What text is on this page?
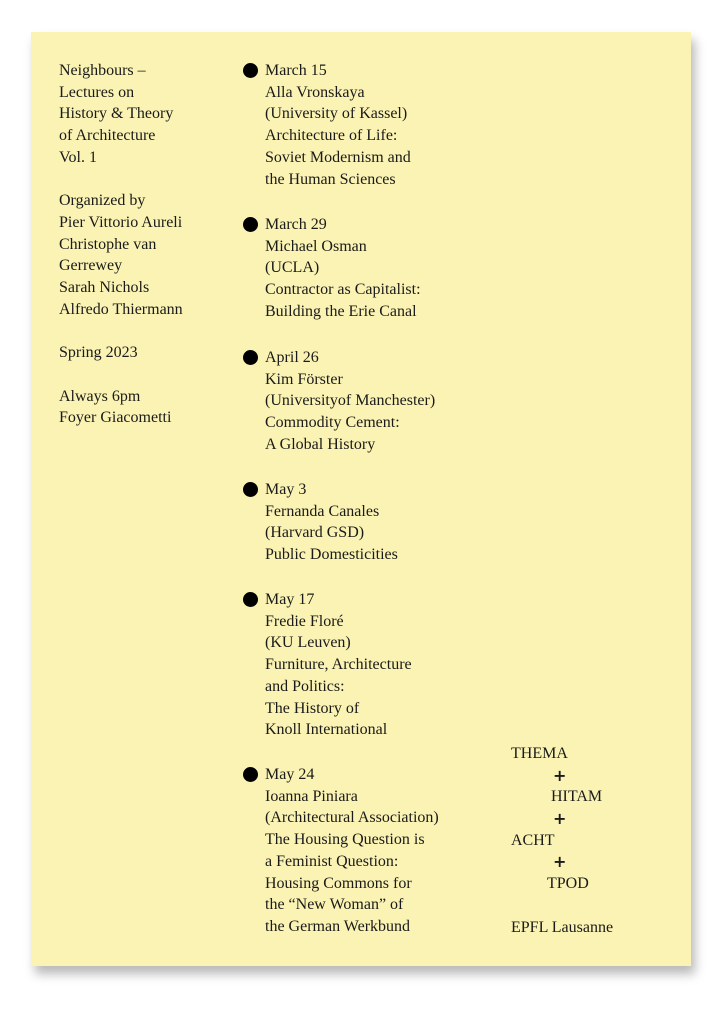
Neighbours –
Lectures on
History & Theory
of Architecture
Vol. 1
Organized by
Pier Vittorio Aureli
Christophe van
Gerrewey
Sarah Nichols
Alfredo Thiermann
Spring 2023
Always 6pm
Foyer Giacometti
March 15
Alla Vronskaya
(University of Kassel)
Architecture of Life:
Soviet Modernism and
the Human Sciences
March 29
Michael Osman
(UCLA)
Contractor as Capitalist:
Building the Erie Canal
April 26
Kim Förster
(Universityof Manchester)
Commodity Cement:
A Global History
May 3
Fernanda Canales
(Harvard GSD)
Public Domesticities
May 17
Fredie Floré
(KU Leuven)
Furniture, Architecture
and Politics:
The History of
Knoll International
May 24
Ioanna Piniara
(Architectural Association)
The Housing Question is
a Feminist Question:
Housing Commons for
the “New Woman” of
the German Werkbund
THEMA
+
HITAM
+
ACHT
+
TPOD
EPFL Lausanne
